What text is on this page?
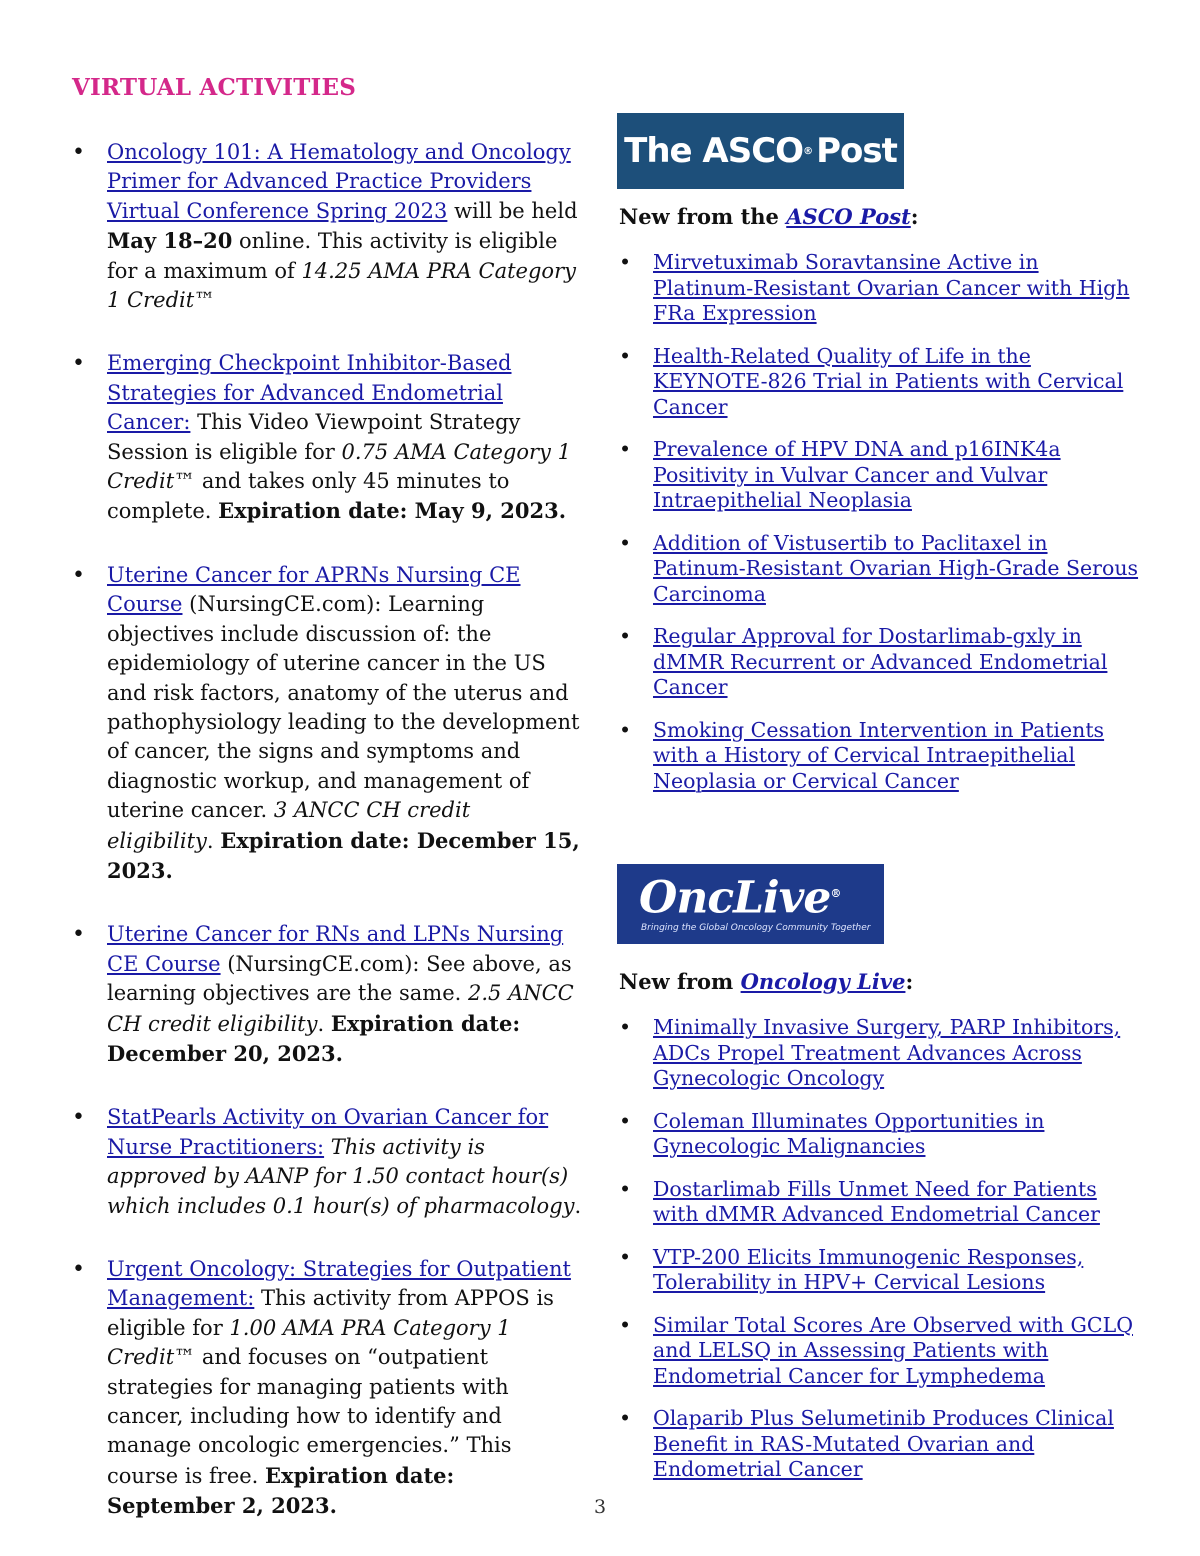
VIRTUAL ACTIVITIES
• Oncology 101: A Hematology and Oncology Primer for Advanced Practice Providers Virtual Conference Spring 2023 will be held May 18–20 online. This activity is eligible for a maximum of 14.25 AMA PRA Category 1 Credit™
• Emerging Checkpoint Inhibitor-Based Strategies for Advanced Endometrial Cancer: This Video Viewpoint Strategy Session is eligible for 0.75 AMA Category 1 Credit™ and takes only 45 minutes to complete. Expiration date: May 9, 2023.
• Uterine Cancer for APRNs Nursing CE Course (NursingCE.com): Learning objectives include discussion of: the epidemiology of uterine cancer in the US and risk factors, anatomy of the uterus and pathophysiology leading to the development of cancer, the signs and symptoms and diagnostic workup, and management of uterine cancer. 3 ANCC CH credit eligibility. Expiration date: December 15, 2023.
• Uterine Cancer for RNs and LPNs Nursing CE Course (NursingCE.com): See above, as learning objectives are the same. 2.5 ANCC CH credit eligibility. Expiration date: December 20, 2023.
• StatPearls Activity on Ovarian Cancer for Nurse Practitioners: This activity is approved by AANP for 1.50 contact hour(s) which includes 0.1 hour(s) of pharmacology.
• Urgent Oncology: Strategies for Outpatient Management: This activity from APPOS is eligible for 1.00 AMA PRA Category 1 Credit™ and focuses on “outpatient strategies for managing patients with cancer, including how to identify and manage oncologic emergencies.” This course is free. Expiration date: September 2, 2023.
The ASCO ® Post

New from the ASCO Post:

• Mirvetuximab Soravtansine Active in Platinum-Resistant Ovarian Cancer with High FRa Expression
• Health-Related Quality of Life in the KEYNOTE-826 Trial in Patients with Cervical Cancer
• Prevalence of HPV DNA and p16INK4a Positivity in Vulvar Cancer and Vulvar Intraepithelial Neoplasia
• Addition of Vistusertib to Paclitaxel in Patinum-Resistant Ovarian High-Grade Serous Carcinoma
• Regular Approval for Dostarlimab-gxly in dMMR Recurrent or Advanced Endometrial Cancer
• Smoking Cessation Intervention in Patients with a History of Cervical Intraepithelial Neoplasia or Cervical Cancer
OncLive®
Bringing the Global Oncology Community Together

New from Oncology Live:

• Minimally Invasive Surgery, PARP Inhibitors, ADCs Propel Treatment Advances Across Gynecologic Oncology
• Coleman Illuminates Opportunities in Gynecologic Malignancies
• Dostarlimab Fills Unmet Need for Patients with dMMR Advanced Endometrial Cancer
• VTP-200 Elicits Immunogenic Responses, Tolerability in HPV+ Cervical Lesions
• Similar Total Scores Are Observed with GCLQ and LELSQ in Assessing Patients with Endometrial Cancer for Lymphedema
• Olaparib Plus Selumetinib Produces Clinical Benefit in RAS-Mutated Ovarian and Endometrial Cancer
3
